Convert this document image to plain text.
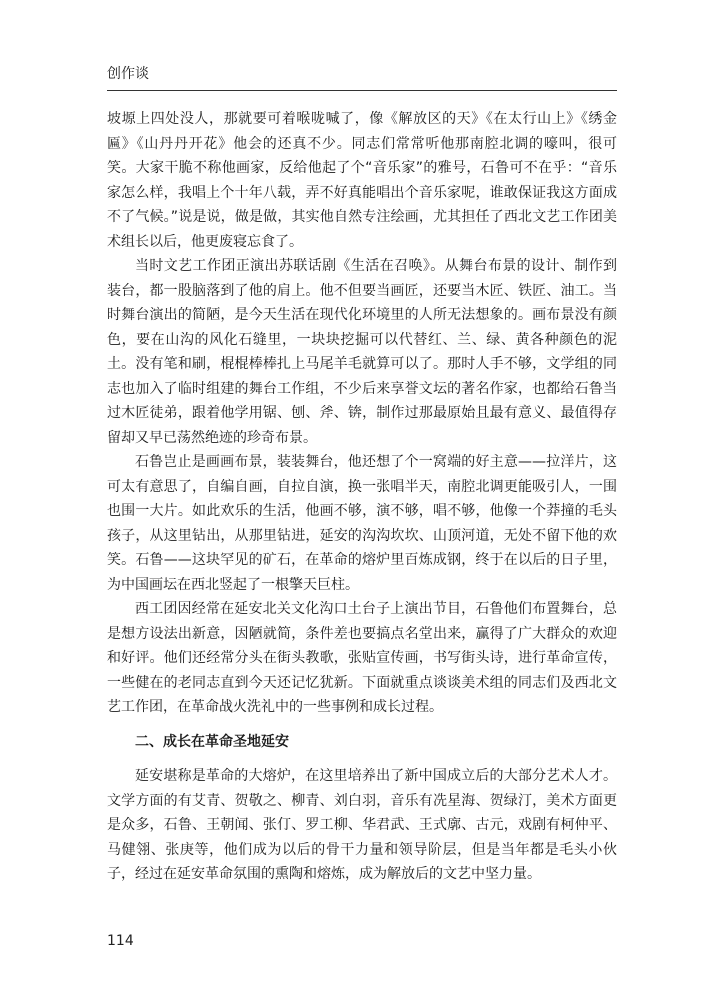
创作谈

坡塬上四处没人，那就要可着喉咙喊了，像《解放区的天》《在太行山上》《绣金匾》《山丹丹开花》他会的还真不少。同志们常常听他那南腔北调的嚎叫，很可笑。大家干脆不称他画家，反给他起了个“音乐家”的雅号，石鲁可不在乎：“音乐家怎么样，我唱上个十年八载，弄不好真能唱出个音乐家呢，谁敢保证我这方面成不了气候。”说是说，做是做，其实他自然专注绘画，尤其担任了西北文艺工作团美术组长以后，他更废寝忘食了。

当时文艺工作团正演出苏联话剧《生活在召唤》。从舞台布景的设计、制作到装台，都一股脑落到了他的肩上。他不但要当画匠，还要当木匠、铁匠、油工。当时舞台演出的简陋，是今天生活在现代化环境里的人所无法想象的。画布景没有颜色，要在山沟的风化石缝里，一块块挖掘可以代替红、兰、绿、黄各种颜色的泥土。没有笔和刷，棍棍棒棒扎上马尾羊毛就算可以了。那时人手不够，文学组的同志也加入了临时组建的舞台工作组，不少后来享誉文坛的著名作家，也都给石鲁当过木匠徒弟，跟着他学用锯、刨、斧、锛，制作过那最原始且最有意义、最值得存留却又早已荡然绝迹的珍奇布景。

石鲁岂止是画画布景，装装舞台，他还想了个一窝端的好主意——拉洋片，这可太有意思了，自编自画，自拉自演，换一张唱半天，南腔北调更能吸引人，一围也围一大片。如此欢乐的生活，他画不够，演不够，唱不够，他像一个莽撞的毛头孩子，从这里钻出，从那里钻进，延安的沟沟坎坎、山顶河道，无处不留下他的欢笑。石鲁——这块罕见的矿石，在革命的熔炉里百炼成钢，终于在以后的日子里，为中国画坛在西北竖起了一根擎天巨柱。

西工团因经常在延安北关文化沟口土台子上演出节目，石鲁他们布置舞台，总是想方设法出新意，因陋就简，条件差也要搞点名堂出来，赢得了广大群众的欢迎和好评。他们还经常分头在街头教歌，张贴宣传画，书写街头诗，进行革命宣传，一些健在的老同志直到今天还记忆犹新。下面就重点谈谈美术组的同志们及西北文艺工作团，在革命战火洗礼中的一些事例和成长过程。

二、成长在革命圣地延安

延安堪称是革命的大熔炉，在这里培养出了新中国成立后的大部分艺术人才。文学方面的有艾青、贺敬之、柳青、刘白羽，音乐有冼星海、贺绿汀，美术方面更是众多，石鲁、王朝闻、张仃、罗工柳、华君武、王式廓、古元，戏剧有柯仲平、马健翎、张庚等，他们成为以后的骨干力量和领导阶层，但是当年都是毛头小伙子，经过在延安革命氛围的熏陶和熔炼，成为解放后的文艺中坚力量。

114
